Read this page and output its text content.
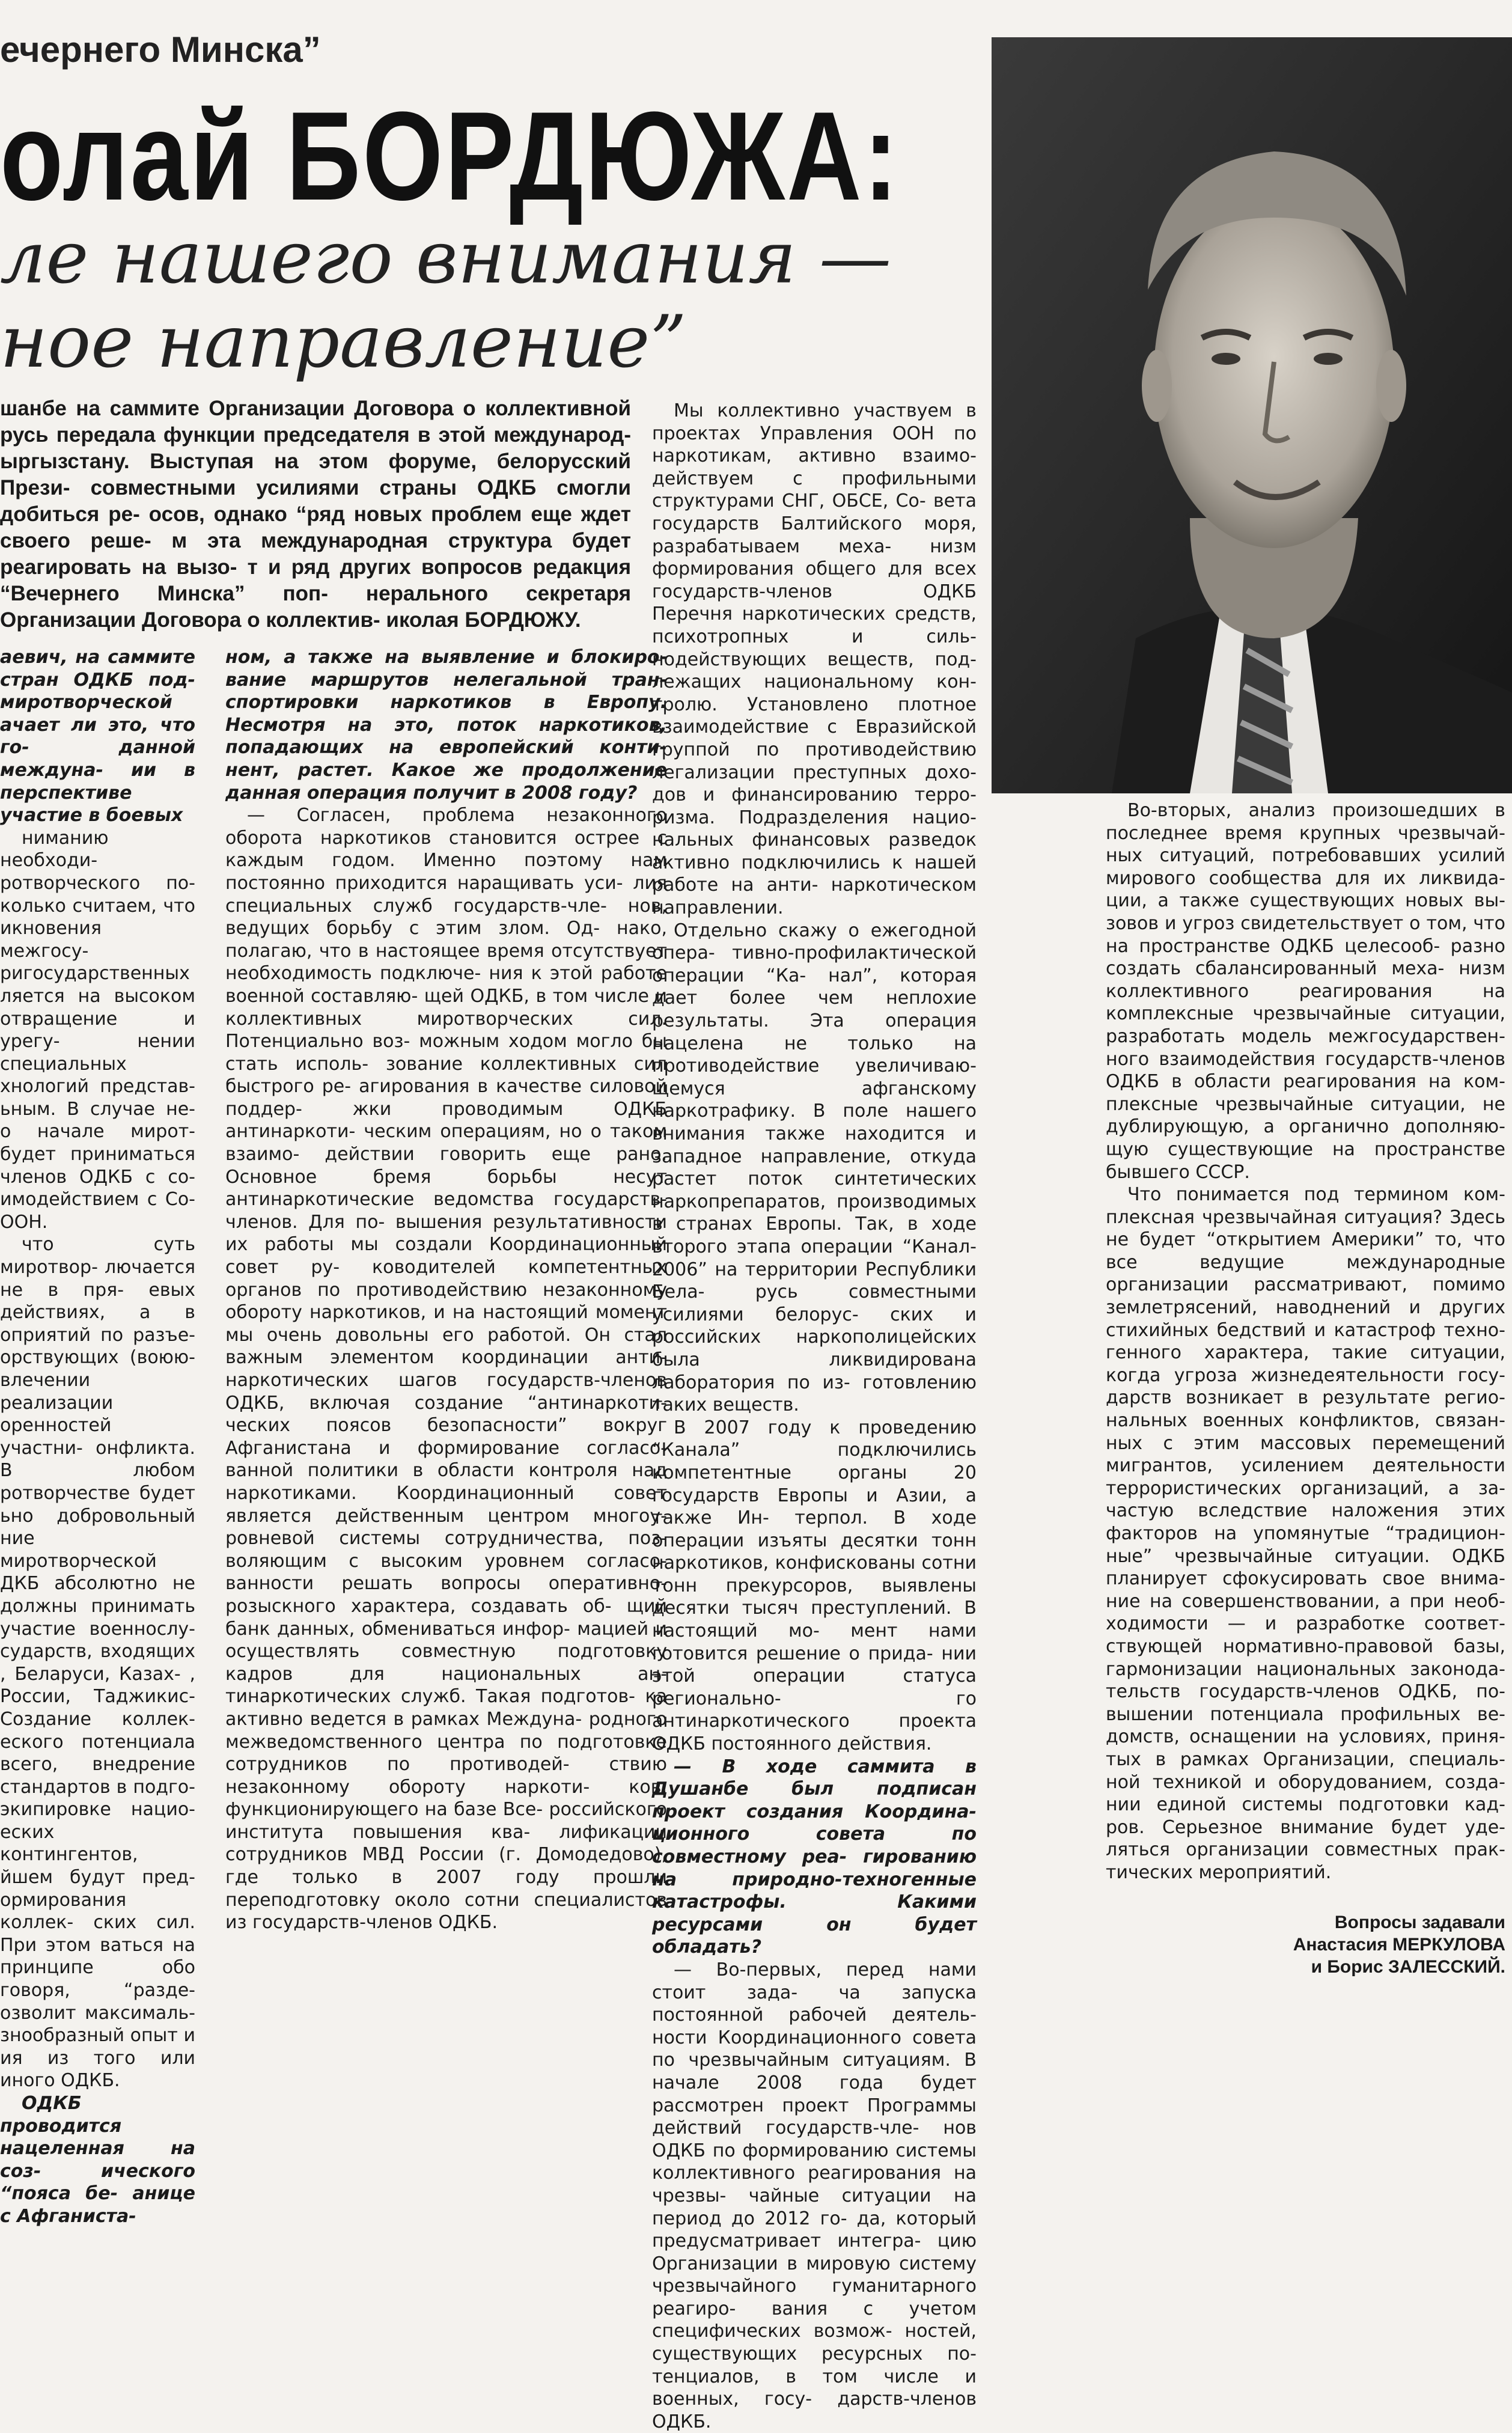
ечернего Минска”
олай БОРДЮЖА:
ле нашего внимания —
ное направление”
шанбе на саммите Организации Договора о коллективной русь передала функции председателя в этой международ- ыргызстану. Выступая на этом форуме, белорусский Прези- совместными усилиями страны ОДКБ смогли добиться ре- осов, однако “ряд новых проблем еще ждет своего реше- м эта международная структура будет реагировать на вызо- т и ряд других вопросов редакция “Вечернего Минска” поп- нерального секретаря Организации Договора о коллектив- иколая БОРДЮЖУ.

аевич, на саммите стран ОДКБ под- миротворческой ачает ли это, что го- данной междуна- ии в перспективе участие в боевых

ниманию необходи- ротворческого по- колько считаем, что икновения межгосу- ригосударственных ляется на высоком отвращение и урегу- нении специальных хнологий представ- ьным. В случае не- о начале мирот- будет приниматься членов ОДКБ с со- имодействием с Со- ООН.

что суть миротвор- лючается не в пря- евых действиях, а в оприятий по разъе- орствующих (воюю- влечении реализации оренностей участни- онфликта. В любом ротворчестве будет ьно добровольный ние миротворческой ДКБ абсолютно не должны принимать участие военнослу- сударств, входящих , Беларуси, Казах- , России, Таджикис- Создание коллек- еского потенциала всего, внедрение стандартов в подго- экипировке нацио- еских контингентов, йшем будут пред- ормирования коллек- ских сил. При этом ваться на принципе обо говоря, “разде- озволит максималь- знообразный опыт и ия из того или иного ОДКБ.

ОДКБ проводится нацеленная на соз- ического “пояса бе- аницe с Афганиста-

ном, а также на выявление и блокиро- вание маршрутов нелегальной тран- спортировки наркотиков в Европу. Несмотря на это, поток наркотиков, попадающих на европейский конти- нент, растет. Какое же продолжение данная операция получит в 2008 году?

— Согласен, проблема незаконного оборота наркотиков становится острее с каждым годом. Именно поэтому нам постоянно приходится наращивать уси- лия специальных служб государств-чле- нов, ведущих борьбу с этим злом. Од- нако, полагаю, что в настоящее время отсутствует необходимость подключе- ния к этой работе военной составляю- щей ОДКБ, в том числе и коллективных миротворческих сил. Потенциально воз- можным ходом могло бы стать исполь- зование коллективных сил быстрого ре- агирования в качестве силовой поддер- жки проводимым ОДКБ антинаркоти- ческим операциям, но о таком взаимо- действии говорить еще рано. Основное бремя борьбы несут антинаркотические ведомства государств-членов. Для по- вышения результативности их работы мы создали Координационный совет ру- ководителей компетентных органов по противодействию незаконному обороту наркотиков, и на настоящий момент мы очень довольны его работой. Он стал важным элементом координации анти- наркотических шагов государств-членов ОДКБ, включая создание “антинаркоти- ческих поясов безопасности” вокруг Афганистана и формирование согласо- ванной политики в области контроля над наркотиками. Координационный совет является действенным центром многоу- ровневой системы сотрудничества, поз- воляющим с высоким уровнем согласо- ванности решать вопросы оперативно- розыскного характера, создавать об- щий банк данных, обмениваться инфор- мацией и осуществлять совместную подготовку кадров для национальных ан- тинаркотических служб. Такая подготов- ка активно ведется в рамках Междуна- родного межведомственного центра по подготовке сотрудников по противодей- ствию незаконному обороту наркоти- ков, функционирующего на базе Все- российского института повышения ква- лификации сотрудников МВД России (г. Домодедово), где только в 2007 году прошли переподготовку около сотни специалистов из государств-членов ОДКБ.

Мы коллективно участвуем в проектах Управления ООН по наркотикам, активно взаимо- действуем с профильными структурами СНГ, ОБСЕ, Со- вета государств Балтийского моря, разрабатываем меха- низм формирования общего для всех государств-членов ОДКБ Перечня наркотических средств, психотропных и силь- нодействующих веществ, под- лежащих национальному кон- тролю. Установлено плотное взаимодействие с Евразийской группой по противодействию легализации преступных дохо- дов и финансированию терро- ризма. Подразделения нацио- нальных финансовых разведок активно подключились к нашей работе на анти- наркотическом направлении.

Отдельно скажу о ежегодной опера- тивно-профилактической операции “Ка- нал”, которая дает более чем неплохие результаты. Эта операция нацелена не только на противодействие увеличиваю- щемуся афганскому наркотрафику. В поле нашего внимания также находится и западное направление, откуда растет поток синтетических наркопрепаратов, производимых в странах Европы. Так, в ходе второго этапа операции “Канал- 2006” на территории Республики Бела- русь совместными усилиями белорус- ских и российских наркополицейских была ликвидирована лаборатория по из- готовлению таких веществ.

В 2007 году к проведению “Канала” подключились компетентные органы 20 государств Европы и Азии, а также Ин- терпол. В ходе операции изъяты десятки тонн наркотиков, конфискованы сотни тонн прекурсоров, выявлены десятки тысяч преступлений. В настоящий мо- мент нами готовится решение о прида- нии этой операции статуса регионально- го антинаркотического проекта ОДКБ постоянного действия.

— В ходе саммита в Душанбе был подписан проект создания Координа- ционного совета по совместному реа- гированию на природно-техногенные катастрофы. Какими ресурсами он будет обладать?

— Во-первых, перед нами стоит зада- ча запуска постоянной рабочей деятель- ности Координационного совета по чрезвычайным ситуациям. В начале 2008 года будет рассмотрен проект Программы действий государств-чле- нов ОДКБ по формированию системы коллективного реагирования на чрезвы- чайные ситуации на период до 2012 го- да, который предусматривает интегра- цию Организации в мировую систему чрезвычайного гуманитарного реагиро- вания с учетом специфических возмож- ностей, существующих ресурсных по- тенциалов, в том числе и военных, госу- дарств-членов ОДКБ.

Во-вторых, анализ произошедших в последнее время крупных чрезвычай- ных ситуаций, потребовавших усилий мирового сообщества для их ликвида- ции, а также существующих новых вы- зовов и угроз свидетельствует о том, что на пространстве ОДКБ целесооб- разно создать сбалансированный меха- низм коллективного реагирования на комплексные чрезвычайные ситуации, разработать модель межгосударствен- ного взаимодействия государств-членов ОДКБ в области реагирования на ком- плексные чрезвычайные ситуации, не дублирующую, а органично дополняю- щую существующие на пространстве бывшего СССР.

Что понимается под термином ком- плексная чрезвычайная ситуация? Здесь не будет “открытием Америки” то, что все ведущие международные организации рассматривают, помимо землетрясений, наводнений и других стихийных бедствий и катастроф техно- генного характера, такие ситуации, когда угроза жизнедеятельности госу- дарств возникает в результате регио- нальных военных конфликтов, связан- ных с этим массовых перемещений мигрантов, усилением деятельности террористических организаций, а за- частую вследствие наложения этих факторов на упомянутые “традицион- ные” чрезвычайные ситуации. ОДКБ планирует сфокусировать свое внима- ние на совершенствовании, а при необ- ходимости — и разработке соответ- ствующей нормативно-правовой базы, гармонизации национальных законода- тельств государств-членов ОДКБ, по- вышении потенциала профильных ве- домств, оснащении на условиях, приня- тых в рамках Организации, специаль- ной техникой и оборудованием, созда- нии единой системы подготовки кад- ров. Серьезное внимание будет уде- ляться организации совместных прак- тических мероприятий.

Вопросы задавали
Анастасия МЕРКУЛОВА
и Борис ЗАЛЕССКИЙ.
